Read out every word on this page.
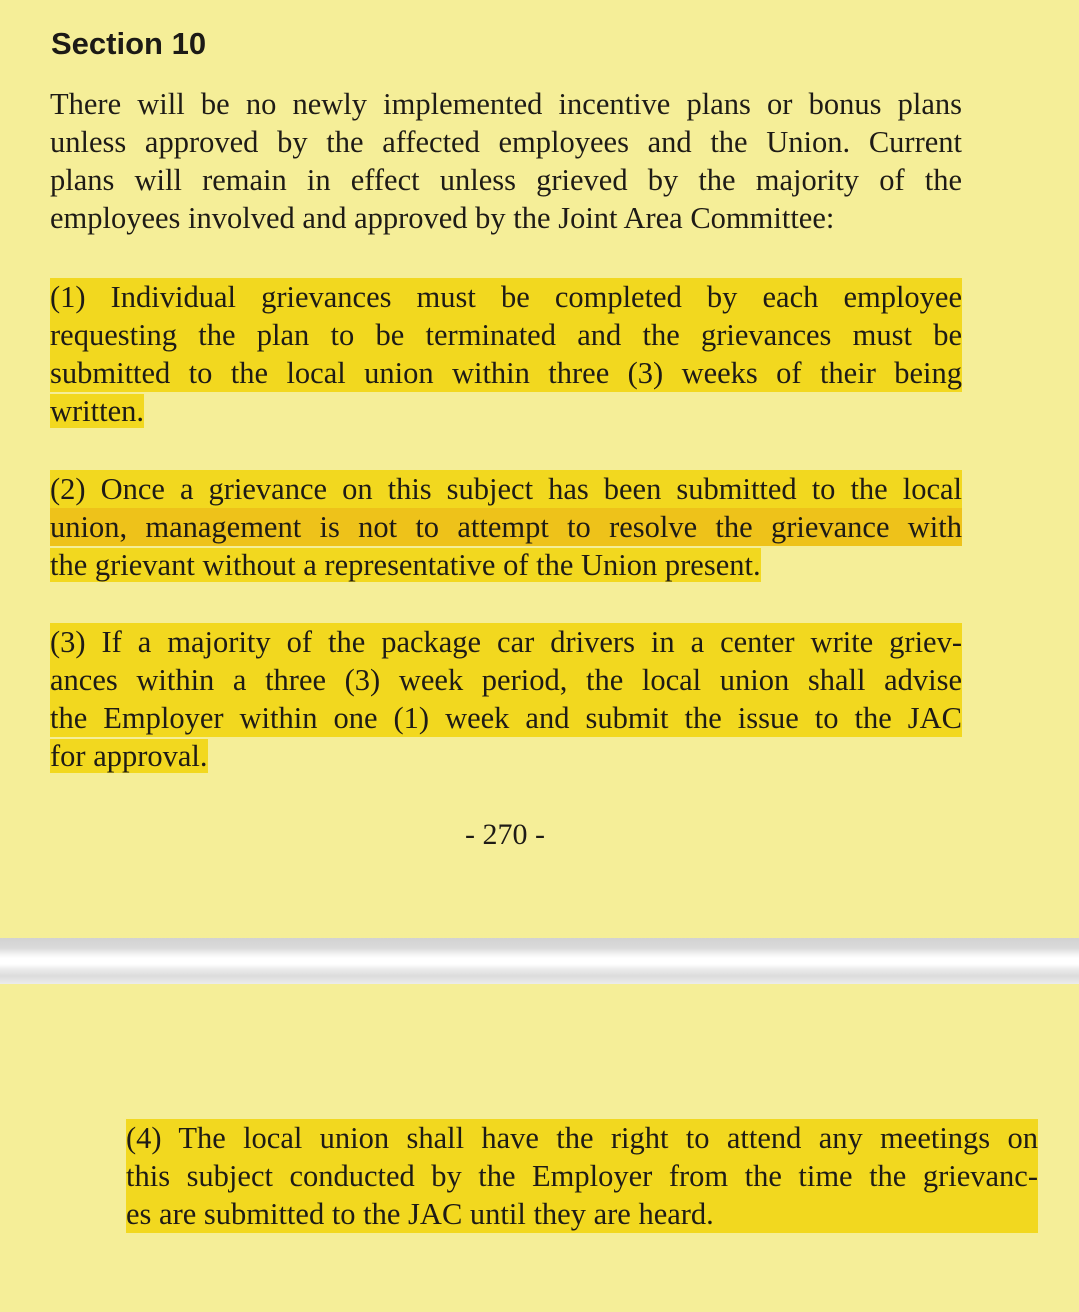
Section 10

There will be no newly implemented incentive plans or bonus plans
unless approved by the affected employees and the Union. Current
plans will remain in effect unless grieved by the majority of the
employees involved and approved by the Joint Area Committee:

(1) Individual grievances must be completed by each employee
requesting the plan to be terminated and the grievances must be
submitted to the local union within three (3) weeks of their being
written.

(2) Once a grievance on this subject has been submitted to the local
union, management is not to attempt to resolve the grievance with
the grievant without a representative of the Union present.

(3) If a majority of the package car drivers in a center write griev-
ances within a three (3) week period, the local union shall advise
the Employer within one (1) week and submit the issue to the JAC
for approval.

- 270 -

(4) The local union shall have the right to attend any meetings on
this subject conducted by the Employer from the time the grievanc-
es are submitted to the JAC until they are heard.
